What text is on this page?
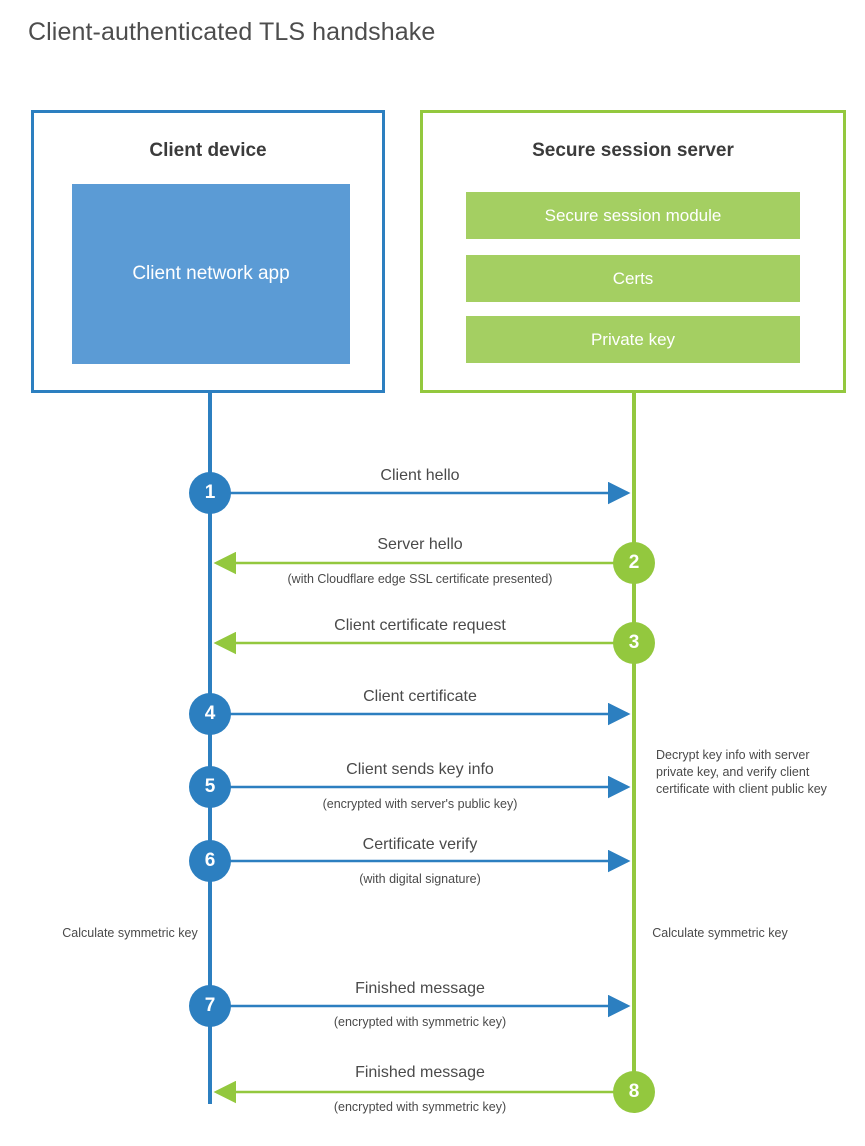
Client-authenticated TLS handshake
Client device
Client network app
Secure session server
Secure session module
Certs
Private key
1
2
3
4
5
6
7
8
Client hello
Server hello
(with Cloudflare edge SSL certificate presented)
Client certificate request
Client certificate
Client sends key info
(encrypted with server's public key)
Certificate verify
(with digital signature)
Finished message
(encrypted with symmetric key)
Finished message
(encrypted with symmetric key)
Decrypt key info with server private key, and verify client certificate with client public key
Calculate symmetric key	Calculate symmetric key
